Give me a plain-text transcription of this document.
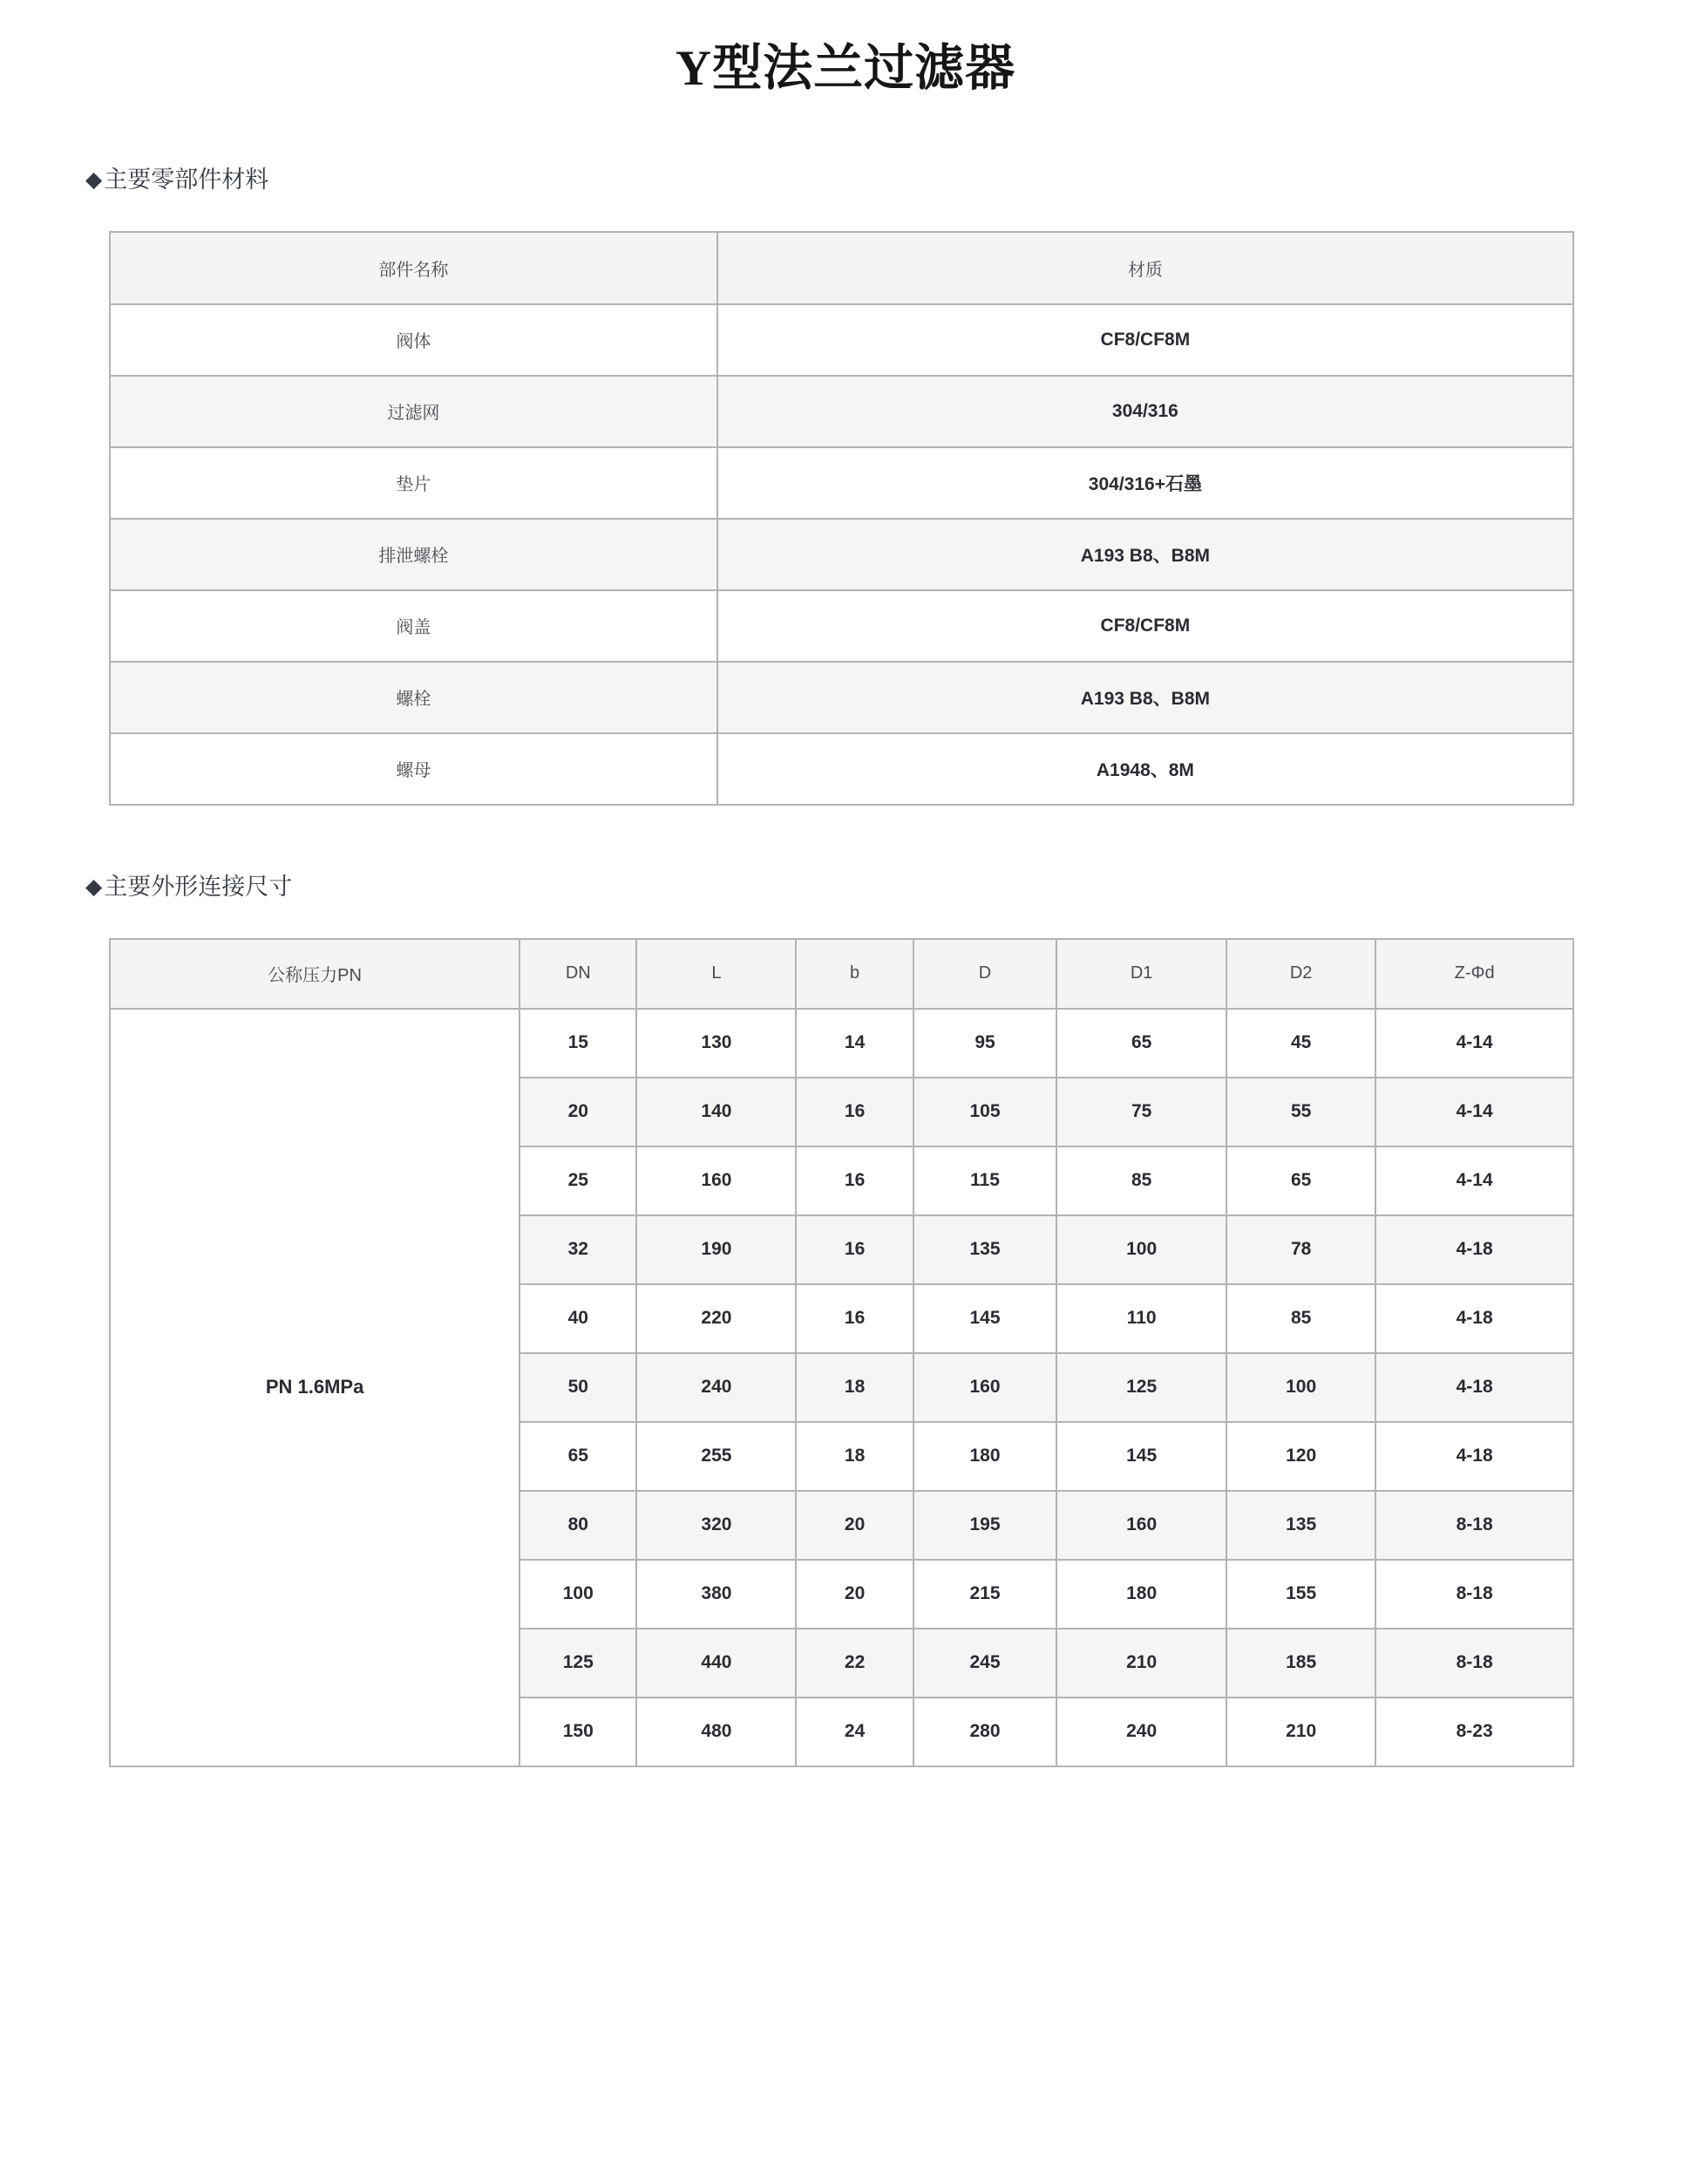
Y型法兰过滤器
◆ 主要零部件材料
部件名称	材质
阀体	CF8/CF8M
过滤网	304/316
垫片	304/316+石墨
排泄螺栓	A193 B8、B8M
阀盖	CF8/CF8M
螺栓	A193 B8、B8M
螺母	A1948、8M
◆ 主要外形连接尺寸
公称压力PN	DN	L	b	D	D1	D2	Z-Φd
PN 1.6MPa	15	130	14	95	65	45	4-14
	20	140	16	105	75	55	4-14
	25	160	16	115	85	65	4-14
	32	190	16	135	100	78	4-18
	40	220	16	145	110	85	4-18
	50	240	18	160	125	100	4-18
	65	255	18	180	145	120	4-18
	80	320	20	195	160	135	8-18
	100	380	20	215	180	155	8-18
	125	440	22	245	210	185	8-18
	150	480	24	280	240	210	8-23
